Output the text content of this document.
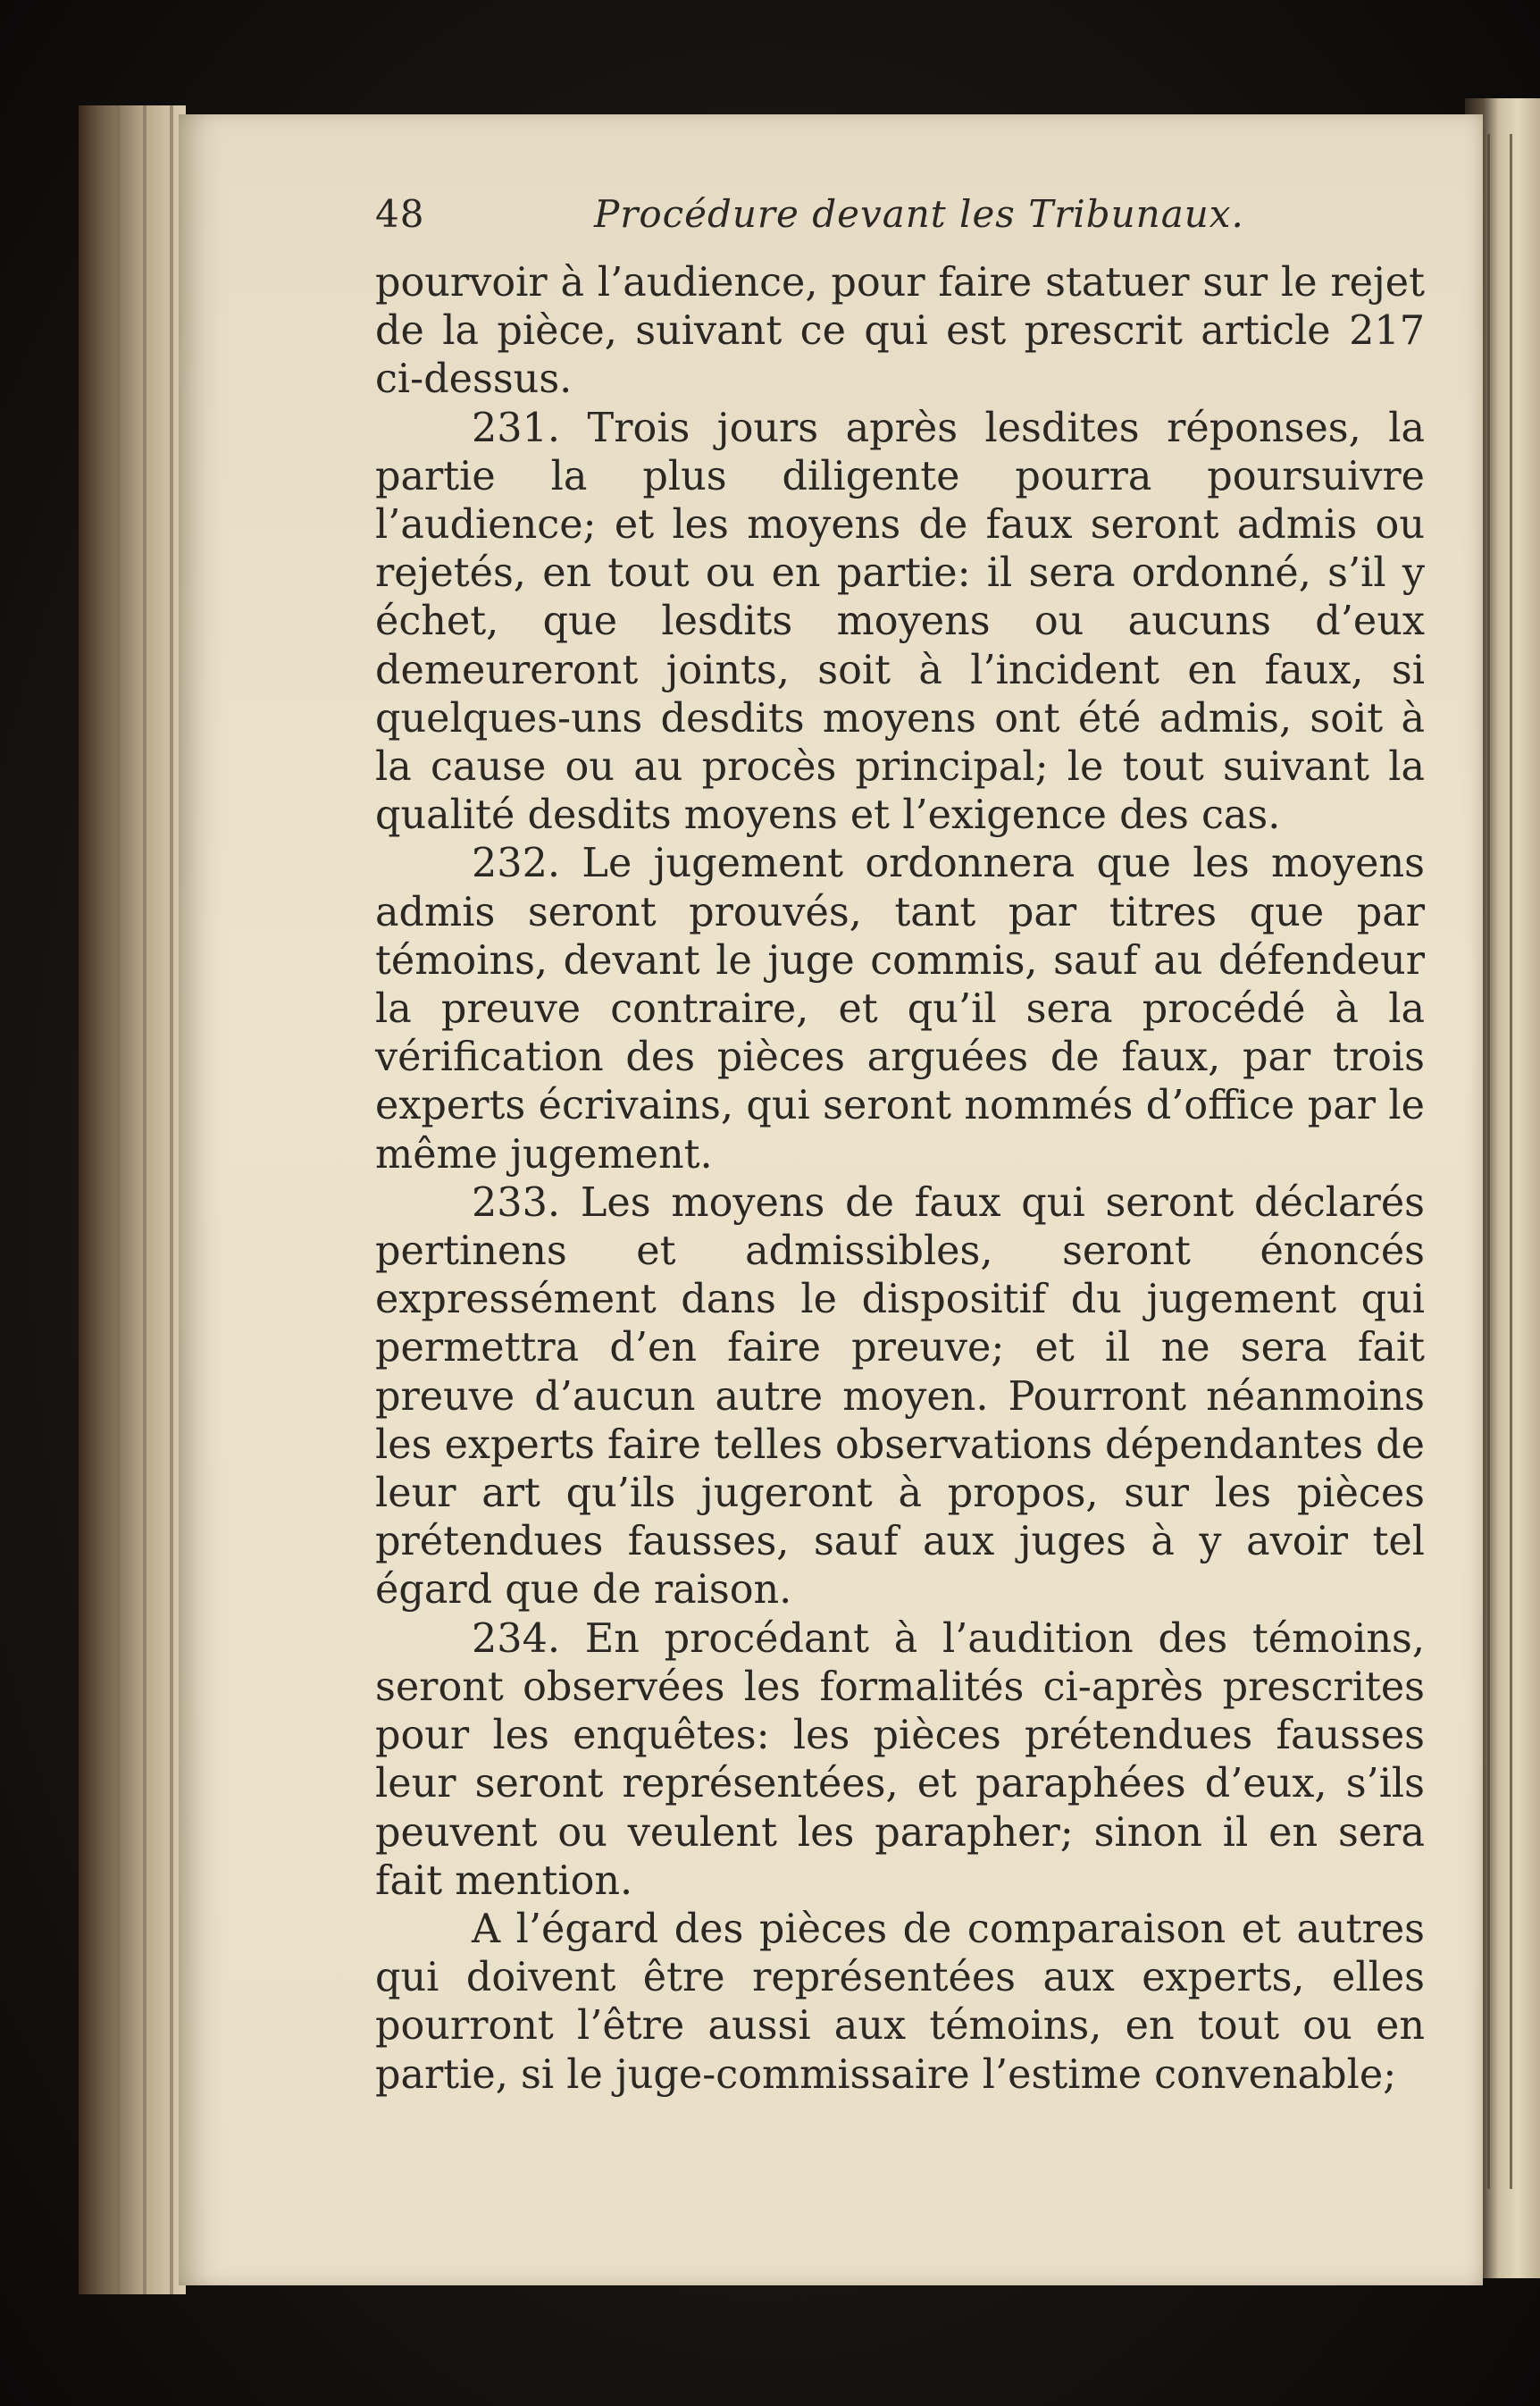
48	Procédure devant les Tribunaux.

pourvoir à l’audience, pour faire statuer sur le rejet de la pièce, suivant ce qui est prescrit article 217 ci-dessus.

231. Trois jours après lesdites réponses, la partie la plus diligente pourra poursuivre l’audience; et les moyens de faux seront admis ou rejetés, en tout ou en partie: il sera ordonné, s’il y échet, que lesdits moyens ou aucuns d’eux demeureront joints, soit à l’incident en faux, si quelques-uns desdits moyens ont été admis, soit à la cause ou au procès principal; le tout suivant la qualité desdits moyens et l’exigence des cas.

232. Le jugement ordonnera que les moyens admis seront prouvés, tant par titres que par témoins, devant le juge commis, sauf au défendeur la preuve contraire, et qu’il sera procédé à la vérification des pièces arguées de faux, par trois experts écrivains, qui seront nommés d’office par le même jugement.

233. Les moyens de faux qui seront déclarés pertinens et admissibles, seront énoncés expressément dans le dispositif du jugement qui permettra d’en faire preuve; et il ne sera fait preuve d’aucun autre moyen. Pourront néanmoins les experts faire telles observations dépendantes de leur art qu’ils jugeront à propos, sur les pièces prétendues fausses, sauf aux juges à y avoir tel égard que de raison.

234. En procédant à l’audition des témoins, seront observées les formalités ci-après prescrites pour les enquêtes: les pièces prétendues fausses leur seront représentées, et paraphées d’eux, s’ils peuvent ou veulent les parapher; sinon il en sera fait mention.

A l’égard des pièces de comparaison et autres qui doivent être représentées aux experts, elles pourront l’être aussi aux témoins, en tout ou en partie, si le juge-commissaire l’estime convenable;
